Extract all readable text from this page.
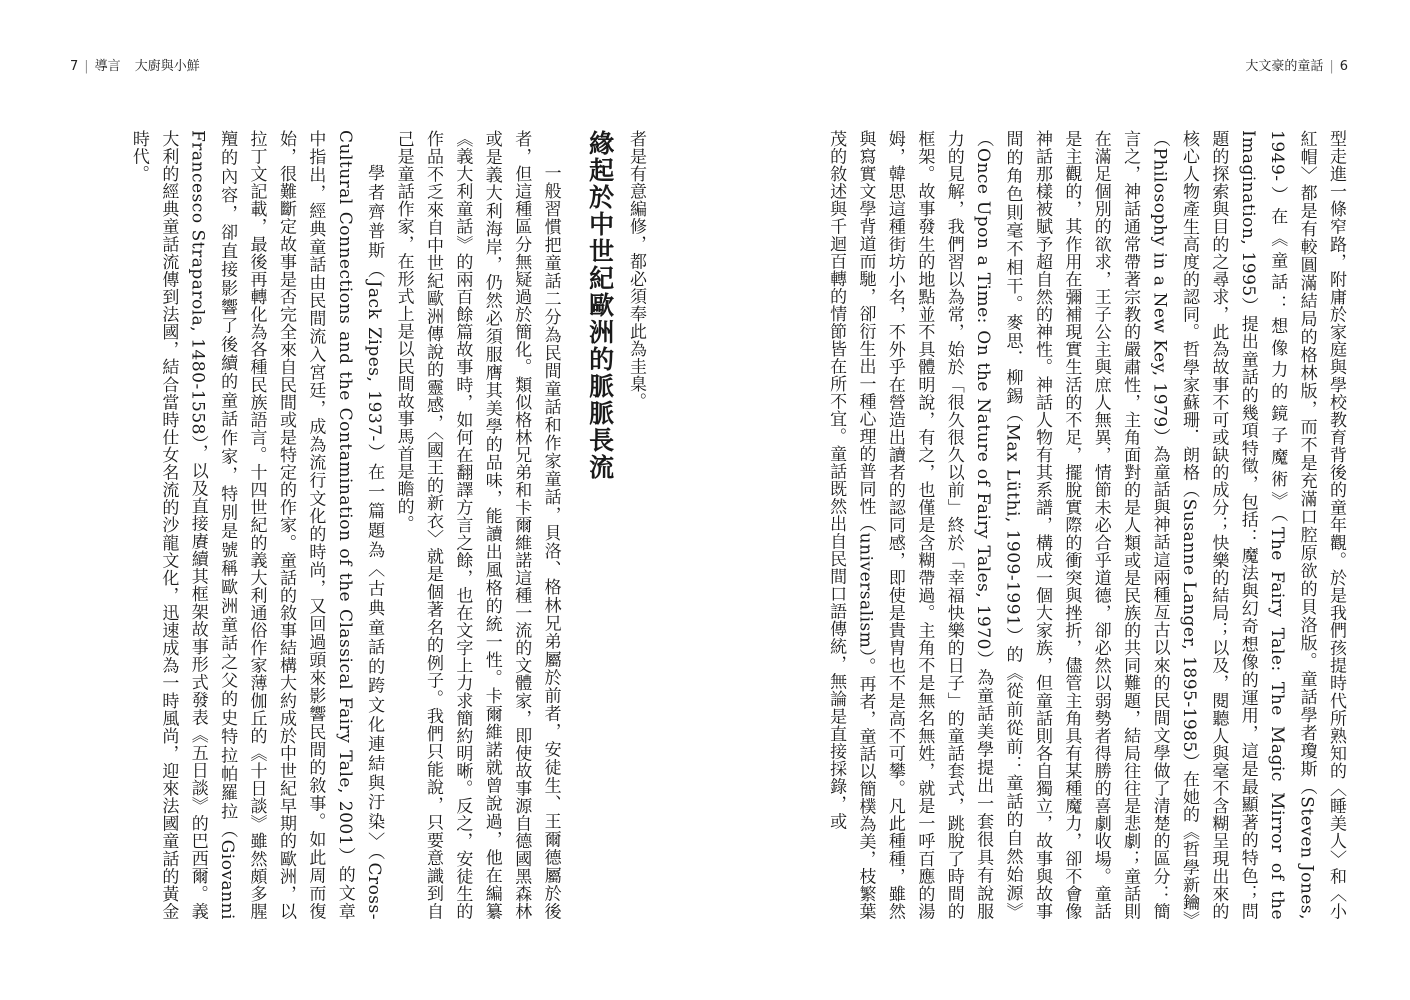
7 | 導言 大廚與小鮮	大文豪的童話 | 6

型走進一條窄路，附庸於家庭與學校教育背後的童年觀。於是我們孩提時代所熟知的〈睡美人〉和〈小紅帽〉都是有較圓滿結局的格林版，而不是充滿口腔原欲的貝洛版。童話學者瓊斯（Steven Jones, 1949-）在《童話：想像力的鏡子魔術》（The Fairy Tale: The Magic Mirror of the Imagination, 1995）提出童話的幾項特徵，包括：魔法與幻奇想像的運用，這是最顯著的特色；問題的探索與目的之尋求，此為故事不可或缺的成分；快樂的結局；以及，閱聽人與毫不含糊呈現出來的核心人物產生高度的認同。哲學家蘇珊．朗格（Susanne Langer, 1895-1985）在她的《哲學新鑰》（Philosophy in a New Key, 1979）為童話與神話這兩種亙古以來的民間文學做了清楚的區分：簡言之，神話通常帶著宗教的嚴肅性，主角面對的是人類或是民族的共同難題，結局往往是悲劇；童話則在滿足個別的欲求，王子公主與庶人無異，情節未必合乎道德，卻必然以弱勢者得勝的喜劇收場。童話是主觀的，其作用在彌補現實生活的不足，擺脫實際的衝突與挫折，儘管主角具有某種魔力，卻不會像神話那樣被賦予超自然的神性。神話人物有其系譜，構成一個大家族，但童話則各自獨立，故事與故事間的角色則毫不相干。麥思．柳錫（Max Lüthi, 1909-1991）的《從前從前：童話的自然始源》（Once Upon a Time: On the Nature of Fairy Tales, 1970）為童話美學提出一套很具有說服力的見解，我們習以為常，始於「很久很久以前」終於「幸福快樂的日子」的童話套式，跳脫了時間的框架。故事發生的地點並不具體明說，有之，也僅是含糊帶過。主角不是無名無姓，就是一呼百應的湯姆，韓思這種街坊小名，不外乎在營造出讀者的認同感，即使是貴胄也不是高不可攀。凡此種種，雖然與寫實文學背道而馳，卻衍生出一種心理的普同性（universalism）。再者，童話以簡樸為美，枝繁葉茂的敘述與千迴百轉的情節皆在所不宜。童話既然出自民間口語傳統，無論是直接採錄，或

者是有意編修，都必須奉此為圭臬。

緣起於中世紀歐洲的脈脈長流

一般習慣把童話二分為民間童話和作家童話，貝洛、格林兄弟屬於前者，安徒生、王爾德屬於後者，但這種區分無疑過於簡化。類似格林兄弟和卡爾維諾這種一流的文體家，即使故事源自德國黑森林或是義大利海岸，仍然必須服膺其美學的品味，能讀出風格的統一性。卡爾維諾就曾說過，他在編纂《義大利童話》的兩百餘篇故事時，如何在翻譯方言之餘，也在文字上力求簡約明晰。反之，安徒生的作品不乏來自中世紀歐洲傳說的靈感，〈國王的新衣〉就是個著名的例子。我們只能說，只要意識到自己是童話作家，在形式上是以民間故事馬首是瞻的。

學者齊普斯（Jack Zipes, 1937-）在一篇題為〈古典童話的跨文化連結與汙染〉（Cross-Cultural Connections and the Contamination of the Classical Fairy Tale, 2001）的文章中指出，經典童話由民間流入宮廷，成為流行文化的時尚，又回過頭來影響民間的敘事。如此周而復始，很難斷定故事是否完全來自民間或是特定的作家。童話的敘事結構大約成於中世紀早期的歐洲，以拉丁文記載，最後再轉化為各種民族語言。十四世紀的義大利通俗作家薄伽丘的《十日談》雖然頗多腥羶的內容，卻直接影響了後續的童話作家，特別是號稱歐洲童話之父的史特拉帕羅拉（Giovanni Francesco Straparola, 1480-1558），以及直接賡續其框架故事形式發表《五日談》的巴西爾。義大利的經典童話流傳到法國，結合當時仕女名流的沙龍文化，迅速成為一時風尚，迎來法國童話的黃金時代。
